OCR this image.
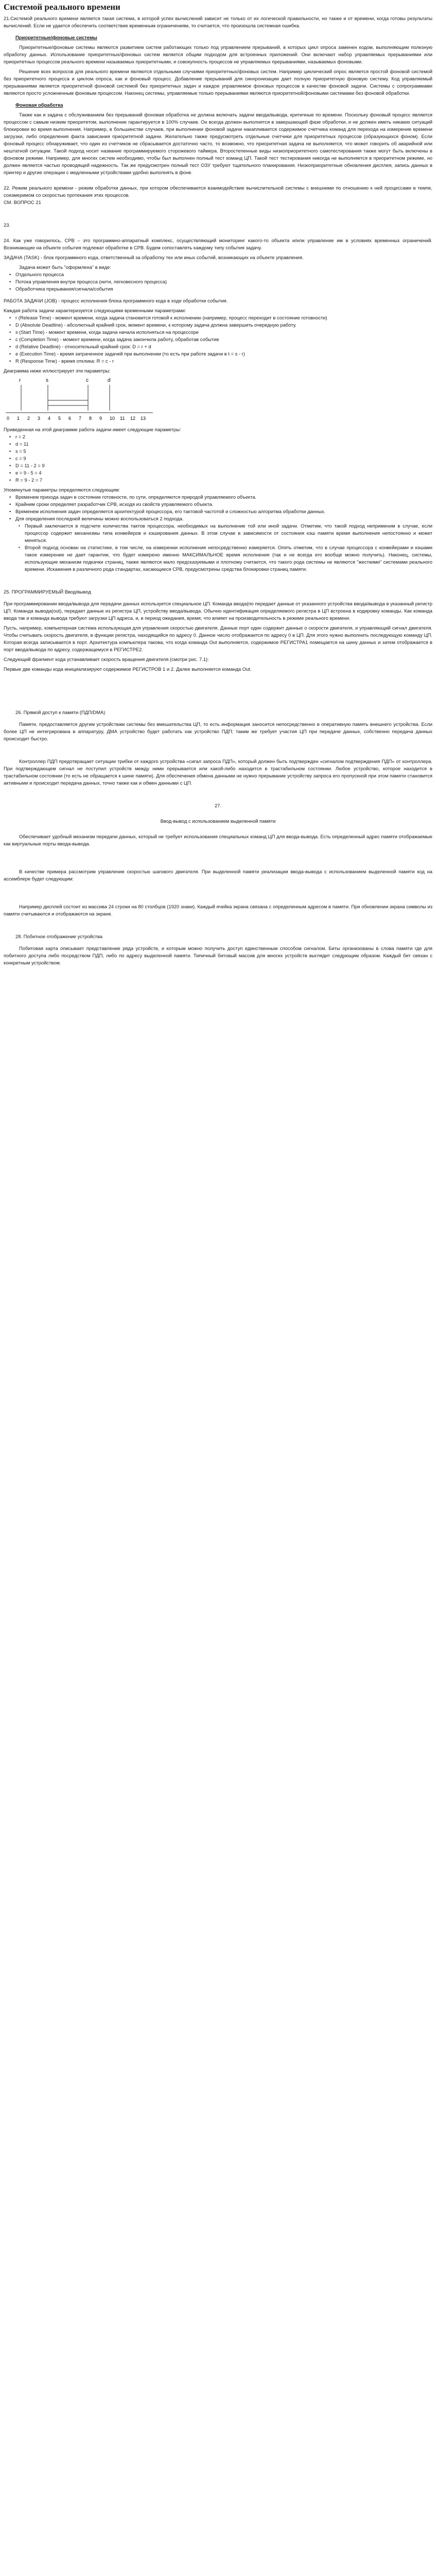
Системой реального времени

21.Системой реального времени является такая система, в которой успех вычислений зависит не только от их логической правильности, но также и от времени, когда готовы результаты вычислений. Если не удается обеспечить соответствие временным ограничениям, то считается, что произошла системная ошибка.

Приоритетные/фоновые системы

Приоритетные/фоновые системы являются развитием систем работающих только под управлением прерываний, в которых цикл опроса заменен кодом, выполняющим полезную обработку данных. Использование приоритетных/фоновых систем является общим подходом для встроенных приложений. Они включают набор управляемых прерываниями или приоритетных процессов реального времени называемых приоритетными, и совокупность процессов не управляемых прерываниями, называемых фоновыми.

Решение всех вопросов для реального времени являются отдельными случаями приоритетных/фоновых систем. Например циклический опрос является простой фоновой системой без приоритетного процесса и циклом опроса, как и фоновый процесс. Добавление прерываний для синхронизации дает полную приоритетную фоновую систему. Код управляемый прерываниями является приоритетной фоновой системой без приоритетных задач и каждое управляемое фоновых процессов в качестве фоновой задачи. Системы с сопрограммами являются просто усложненным фоновым процессом. Наконец системы, управляемые только прерываниями являются приоритетной/фоновыми системами без фоновой обработки.

Фоновая обработка

Также как и задача с обслуживанием без прерываний фоновая обработка не должна включать задачи ввода/вывода, критичные по времени. Поскольку фоновый процесс является процессом с самым низким приоритетом, выполнение гарантируется в 100% случаев. Он всегда должен выполнятся в завершающей фазе обработки, и не должен иметь никаких ситуаций блокировки во время выполнения. Например, в большинстве случаев, при выполнении фоновой задачи накапливается содержимое счетчика команд для перехода на измерение времени загрузки, либо определения факта зависания приоритетной задачи. Желательно также предусмотреть отдельные счетчики для приоритетных процессов (образующихся фоном). Если фоновый процесс обнаруживает, что один из счетчиков не сбрасывается достаточно часто, то возможно, что приоритетная задача не выполняется, что может говорить об аварийной или нештатной ситуации. Такой подход носит название программируемого сторожевого таймера. Второстепенные виды низкоприоритетного самотестирования также могут быть включены в фоновом режиме. Например, для многих систем необходимо, чтобы был выполнен полный тест команд ЦП. Такой тест тестирования никогда не выполняется в приоритетном режиме, но должен является частью проводящей надежность. Так же предусмотрен полный тест ОЗУ требуют тщательного планирования. Низкоприоритетные обновления дисплея, запись данных в принтер и другие операции с медленными устройствами удобно выполнять в фоне.

22. Режим реального времени - режим обработки данных, при котором обеспечивается взаимодействие вычислительной системы с внешними по отношению к ней процессами в темпе, соизмеримом со скоростью протекания этих процессов.

СМ. ВОПРОС 21

23.

24. Как уже говорилось, СРВ – это программно-аппаратный комплекс, осуществляющий мониторинг какого-то объекта и/или управление им в условиях временных ограничений. Возникающие на объекте события подлежат обработке в СРВ. Будем сопоставлять каждому типу события задачу.

ЗАДАЧА (TASK) - блок программного кода, ответственный за обработку тех или иных событий, возникающих на объекте управления.

Задача может быть "оформлена" в виде:

• Отдельного процесса
• Потока управления внутри процесса (нити, легковесного процесса)
• Обработчика прерывания/сигнала/события

РАБОТА ЗАДАЧИ (JOB) - процесс исполнения блока программного кода в ходе обработки события.

Каждая работа задачи характеризуется следующими временными параметрами:

• r (Release Time) - момент времени, когда задача становится готовой к исполнению (например, процесс переходит в состояние готовности)
• D (Absolute Deadline) - абсолютный крайний срок, момент времени, к которому задача должна завершить очередную работу.
• s (Start Time) - момент времени, когда задача начала исполняться на процессоре
• c (Completion Time) - момент времени, когда задача закончила работу, обработав событие
• d (Relative Deadline) - относительный крайний срок: D = r + d
• e (Execution Time) - время затраченное задачей при выполнении (то есть при работе задачи в t = s - r)
• R (Response Time) - время отклика: R = c - r

Диаграмма ниже иллюстрирует эти параметры:

r	s	c	d
0 1 2 3 4 5 6 7 8 9 10 11 12 13

Приведенная на этой диаграмме работа задачи имеет следующие параметры:

• r = 2
• d = 11
• s = 5
• c = 9
• D = 11 - 2 = 9
• e = 9 - 5 = 4
• R = 9 - 2 = 7

Упомянутые параметры определяются следующим:

• Временем прихода задач в состояние готовности, по сути, определяются природой управляемого объекта.
• Крайним сроки определяет разработчик СРВ, исходя из свойств управляемого объекта.
• Временем исполнения задач определяется архитектурой процессора, его тактовой частотой и сложностью алгоритма обработки данных.
• Для определения последней величины можно воспользоваться 2 подхода.
▪ Первый заключается в подсчете количества тактов процессора, необходимых на выполнение той или иной задачи. Отметим, что такой подход неприменим в случае, если процессор содержит механизмы типа конвейеров и кэширования данных. В этом случае в зависимости от состояния кэш памяти время выполнения непостоянно и может меняться.
▪ Второй подход основан на статистике, в том числе, на измерении исполнения непосредственно измеряется. Опять отметим, что в случае процессора с конвейерами и кэшами такое измерение не дает гарантии, что будет измерено именно МАКСИМАЛЬНОЕ время исполнения (так и не всегда его вообще можно получить). Наконец, системы, использующие механизм подкачки страниц, также являются мало предсказуемыми и плотному считается, что такого рода системы не являются "жесткими" системами реального времени. Искажения в различного рода стандартах, касающиеся СРВ, предусмотрены средства блокировки страниц памяти.

25. ПРОГРАММИРУЕМЫЙ Ввод/вывод

При программировании ввода/вывода для передачи данных используется специальное ЦП. Команда ввода(по передает данные от указанного устройства ввода/вывода в указанный регистр ЦП. Команда вывода(out), передает данные из регистра ЦП, устройству ввода/вывода. Обычно идентификация определяемого регистра в ЦП встроена в кодировку команды. Как команда ввода так и команда вывода требуют загрузки ЦП адреса, и, в период ожидания, время, что влияет на производительность в режиме реального времени.

Пусть, например, компьютерная система использующая для управления скоростью двигателя. Данные порт один содержит данные о скорости двигателя, и управляющий сигнал двигателя. Чтобы считывать скорость двигателя, в функции регистра, находящийся по адресу 0. Данное число отображается по адресу 0 в ЦП. Для этого нужно выполнить последующую команду ЦП. Которая всегда записывается в порт. Архитектура компьютера такова, что когда команда Out выполняется, содержимое РЕГИСТРА1 помещается на шину данных и затем отображается в порт ввода/вывода по адресу, содержащемуся в РЕГИСТРЕ2.

Следующий фрагмент кода устанавливает скорость вращения двигателя (смотри рис. 7.1):

Первые две команды кода инициализируют содержимое РЕГИСТРОВ 1 и 2. Далее выполняется команда Out.

26. Прямой доступ к памяти (ПДП/DMA)

Памяти, предоставляется другим устройствам системы без вмешательства ЦП, то есть информация заносится непосредственно в оперативную память внешнего устройства. Если более ЦП не интегрирована в аппаратуру, ДМА устройство будет работать как устройство ПДП; таким же требует участия ЦП при передаче данных, собственно передача данных происходит быстро.

Контроллер ПДП предотвращает ситуации трибки от каждого устройства «сигал запроса ПДП», который должен быть подтвержден «сигналом подтверждения ПДП» от контроллера. При подтверждающем сигнал не поступил устройств между ними прерывается или какой-либо находится в трастабильном состоянии. Любое устройство, которое находится в трастабильном состоянии (то есть не обращается к шине памяти). Для обеспечения обмена данными не нужно прерывание устройству запроса его пропускной при этом памяти становится активными и происходит передача данных, точно также как и обмен данными с ЦП.

27.

Ввод-вывод с использованием выделенной памяти

Обеспечивает удобный механизм передачи данных, который не требует использования специальных команд ЦП для ввода-вывода. Есть определенный адрес памяти отображаемые как виртуальные порты ввода-вывода.

В качестве примера рассмотрим управление скоростью шагового двигателя. При выделенной памяти реализации ввода-вывода с использованием выделенной памяти код на ассемблере будет следующим:

Например дисплей состоит из массива 24 строки на 80 столбцов (1920 знаки). Каждый ячейка экрана связана с определенным адресом в памяти. При обновлении экрана символы из памяти считываются и отображаются на экране.

28. Побитное отображение устройства

Побитовая карта описывает представление ряда устройств, и которым можно получить доступ единственным способом сигналом. Биты организованы в слова памяти где для побитного доступа либо посредством ПДП, либо по адресу выделенной памяти. Типичный битовый массив для многих устройств выглядит следующим образом. Каждый бит связан с конкретным устройством.
